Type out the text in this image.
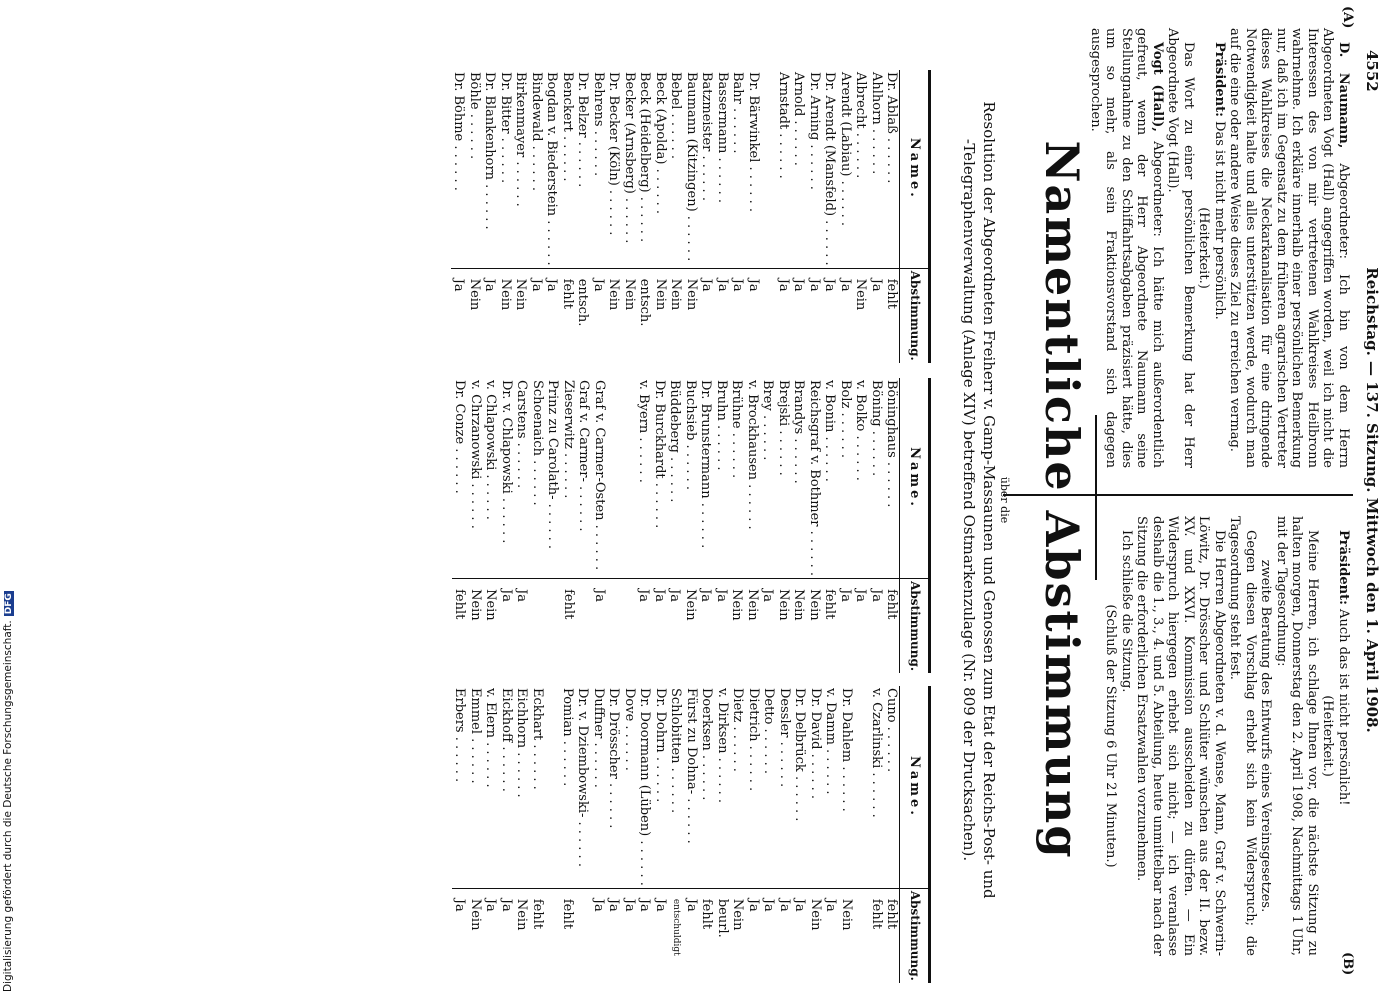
Digitalisierung gefördert durch die Deutsche Forschungsgemeinschaft.DFG
4552
Reichstag. — 137. Sitzung. Mittwoch den 1. April 1908.
(A)
(B)

D. Naumann, Abgeordneter: Ich bin von dem Herrn Abgeordneten Vogt (Hall) angegriffen worden, weil ich nicht die Interessen des von mir vertretenen Wahlkreises Heilbronn wahrnehme. Ich erkläre innerhalb einer persönlichen Bemerkung nur, daß ich im Gegensatz zu dem früheren agrarischen Vertreter dieses Wahlkreises die Neckarkanalisation für eine dringende Notwendigkeit halte und alles unterstützen werde, wodurch man auf die eine oder andere Weise dieses Ziel zu erreichen vermag.

Präsident: Das ist nicht mehr persönlich.

(Heiterkeit.)

Das Wort zu einer persönlichen Bemerkung hat der Herr Abgeordnete Vogt (Hall).

Vogt (Hall), Abgeordneter: Ich hätte mich außerordentlich gefreut, wenn der Herr Abgeordnete Naumann seine Stellungnahme zu den Schiffahrtsabgaben präzisiert hätte, dies um so mehr, als sein Fraktionsvorstand sich dagegen ausgesprochen.

Präsident: Auch das ist nicht persönlich!

(Heiterkeit.)

Meine Herren, ich schlage Ihnen vor, die nächste Sitzung zu halten morgen, Donnerstag den 2. April 1908, Nachmittags 1 Uhr, mit der Tagesordnung:

zweite Beratung des Entwurfs eines Vereinsgesetzes.

Gegen diesen Vorschlag erhebt sich kein Widerspruch; die Tagesordnung steht fest.

Die Herren Abgeordneten v. d. Wense, Mann, Graf v. Schwerin-Löwitz, Dr. Drösscher und Schlüter wünschen aus der II. bezw. XV. und XXVI. Kommission ausscheiden zu dürfen. — Ein Widerspruch hiergegen erhebt sich nicht; — ich veranlasse deshalb die 1., 3., 4. und 5. Abteilung, heute unmittelbar nach der Sitzung die erforderlichen Ersatzwahlen vorzunehmen.

Ich schließe die Sitzung.

(Schluß der Sitzung 6 Uhr 21 Minuten.)

Namentliche Abstimmung
über die
Resolution der Abgeordneten Freiherr v. Gamp-Massaunen und Genossen zum Etat der Reichs-Post- und -Telegraphenverwaltung (Anlage XIV) betreffend Ostmarkenzulage (Nr. 809 der Drucksachen).
Name.	Abstimmung.
Dr. Ablaß . . . . . .	fehlt
Ahlhorn . . . . . .	Ja
Albrecht . . . . . .	Nein
Arendt (Labiau) . . . . . .	Ja
Dr. Arendt (Mansfeld) . . . . . .	Ja
Dr. Arning . . . . . .	Ja
Arnold . . . . . .	Ja
Arnstadt . . . . . .	Ja

Dr. Bärwinkel . . . . . .	Ja
Bahr . . . . . .	Ja
Bassermann . . . . . .	Ja
Batzmeister . . . . . .	Ja
Baumann (Kitzingen) . . . . . .	Nein
Bebel . . . . . .	Nein
Beck (Apolda) . . . . . .	Nein
Beck (Heidelberg) . . . . . .	entsch.
Becker (Arnsberg) . . . . . .	Nein
Dr. Becker (Köln) . . . . . .	Nein
Behrens . . . . . .	Ja
Dr. Belzer . . . . . .	entsch.
Benckert . . . . . .	fehlt
Bogdan v. Biederstein . . . . . .	Ja
Bindewald . . . . . .	Ja
Birkenmayer . . . . . .	Nein
Dr. Bitter . . . . . .	Nein
Dr. Blankenhorn . . . . . .	Ja
Böhle . . . . . .	Nein
Dr. Böhme . . . . . .	Ja
Name.	Abstimmung.
Böninghaus . . . . . .	fehlt
Böning . . . . . .	Ja
v. Bolko . . . . . .	Ja
Bolz . . . . . .	Ja
v. Bonin . . . . . .	fehlt
Reichsgraf v. Bothmer . . . . . .	Nein
Brandys . . . . . .	Nein
Brejski . . . . . .	Nein
Brey . . . . . .	Ja
v. Brockhausen . . . . . .	Nein
Brühne . . . . . .	Nein
Bruhn . . . . . .	Ja
Dr. Brunstermann . . . . . .	Ja
Buchsieb . . . . . .	Nein
Büddeberg . . . . . .	Ja
Dr. Burckhardt . . . . . .	Ja
v. Byern . . . . . .	Ja

Graf v. Carmer-Osten . . . . . .	Ja
Graf v. Carmer- . . . . . .	
Zieserwitz . . . . . .	fehlt
Prinz zu Carolath- . . . . . .	
Schoenaich . . . . . .	
Carstens . . . . . .	Ja
Dr. v. Chlapowski . . . . . .	Ja
v. Chlapowski . . . . . .	Nein
v. Chrzanowski . . . . . .	Nein
Dr. Conze . . . . . .	fehlt
Name.	Abstimmung.
Cuno . . . . . .	fehlt
v. Czarlinski . . . . . .	fehlt

Dr. Dahlem . . . . . .	Nein
v. Damm . . . . . .	Ja
Dr. David . . . . . .	Nein
Dr. Delbrück . . . . . .	Ja
Dessler . . . . . .	Ja
Detto . . . . . .	Ja
Dietrich . . . . . .	Ja
Dietz . . . . . .	Nein
v. Dirksen . . . . . .	beurl.
Doerksen . . . . . .	fehlt
Fürst zu Dohna- . . . . . .	Ja
Schlobitten . . . . . .	entschuldigt
Dr. Dohrn . . . . . .	Ja
Dr. Doormann (Lüben) . . . . . .	Ja
Dove . . . . . .	Ja
Dr. Drösscher . . . . . .	Ja
Duffner . . . . . .	Ja
Dr. v. Dziembowski- . . . . . .	
Pomian . . . . . .	fehlt

Eckhart . . . . . .	fehlt
Eichhorn . . . . . .	Nein
Eickhoff . . . . . .	Ja
v. Elern . . . . . .	Ja
Emmel . . . . . .	Nein
Erbers . . . . . .	Ja
